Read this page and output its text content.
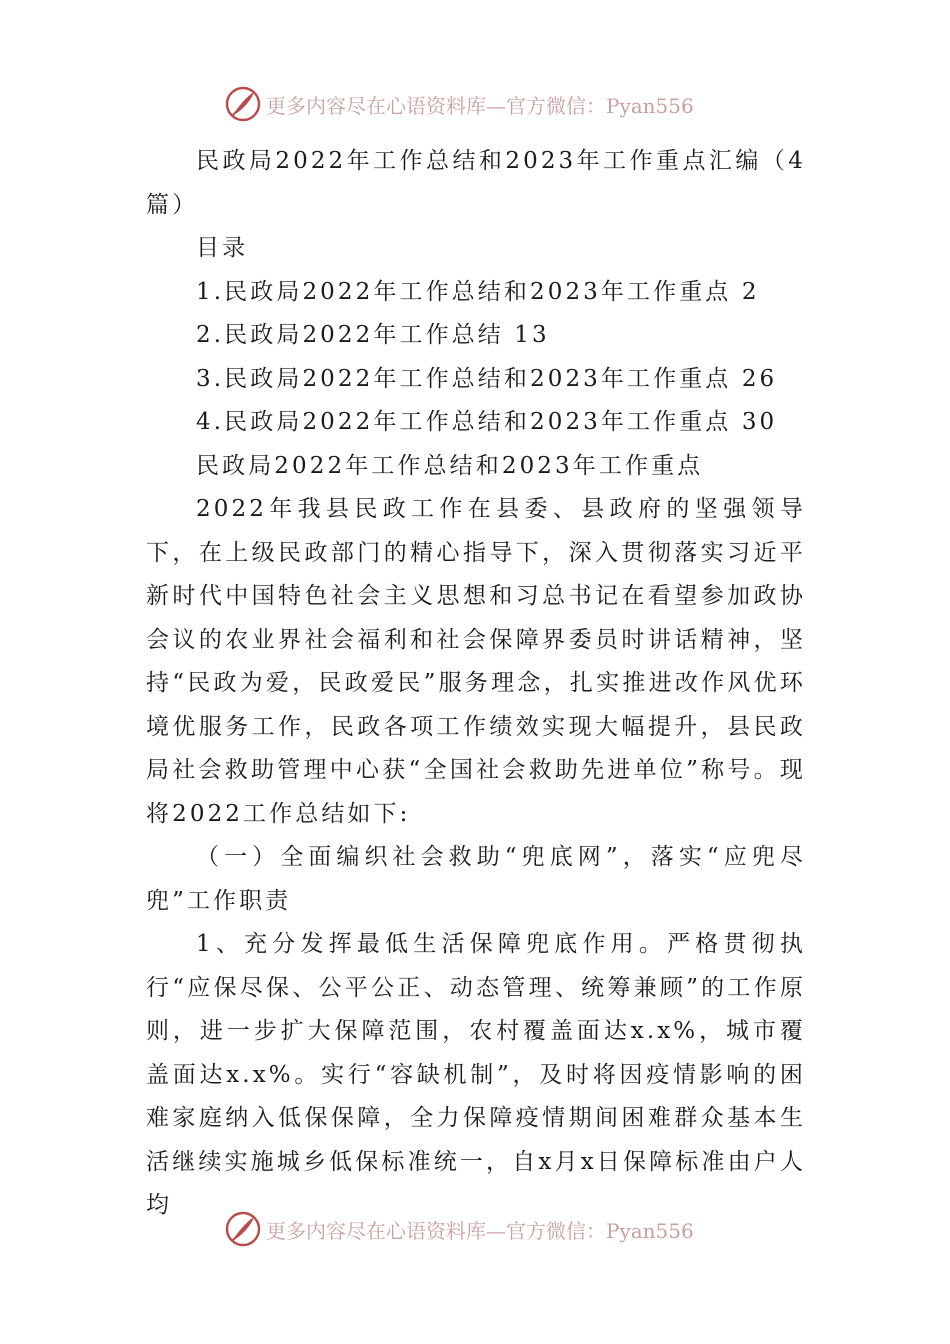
更多内容尽在心语资料库—官方微信：Pyan556

民政局2022年工作总结和2023年工作重点汇编（4篇）

目录

1.民政局2022年工作总结和2023年工作重点 2

2.民政局2022年工作总结 13

3.民政局2022年工作总结和2023年工作重点 26

4.民政局2022年工作总结和2023年工作重点 30

民政局2022年工作总结和2023年工作重点

2022年我县民政工作在县委、县政府的坚强领导下，在上级民政部门的精心指导下，深入贯彻落实习近平新时代中国特色社会主义思想和习总书记在看望参加政协会议的农业界社会福利和社会保障界委员时讲话精神，坚持“民政为爱，民政爱民”服务理念，扎实推进改作风优环境优服务工作，民政各项工作绩效实现大幅提升，县民政局社会救助管理中心获“全国社会救助先进单位”称号。现将2022工作总结如下:

（一）全面编织社会救助“兜底网”，落实“应兜尽兜”工作职责

1、充分发挥最低生活保障兜底作用。严格贯彻执行“应保尽保、公平公正、动态管理、统筹兼顾”的工作原则，进一步扩大保障范围，农村覆盖面达x.x%，城市覆盖面达x.x%。实行“容缺机制”，及时将因疫情影响的困难家庭纳入低保保障，全力保障疫情期间困难群众基本生活继续实施城乡低保标准统一，自x月x日保障标准由户人均

更多内容尽在心语资料库—官方微信：Pyan556
